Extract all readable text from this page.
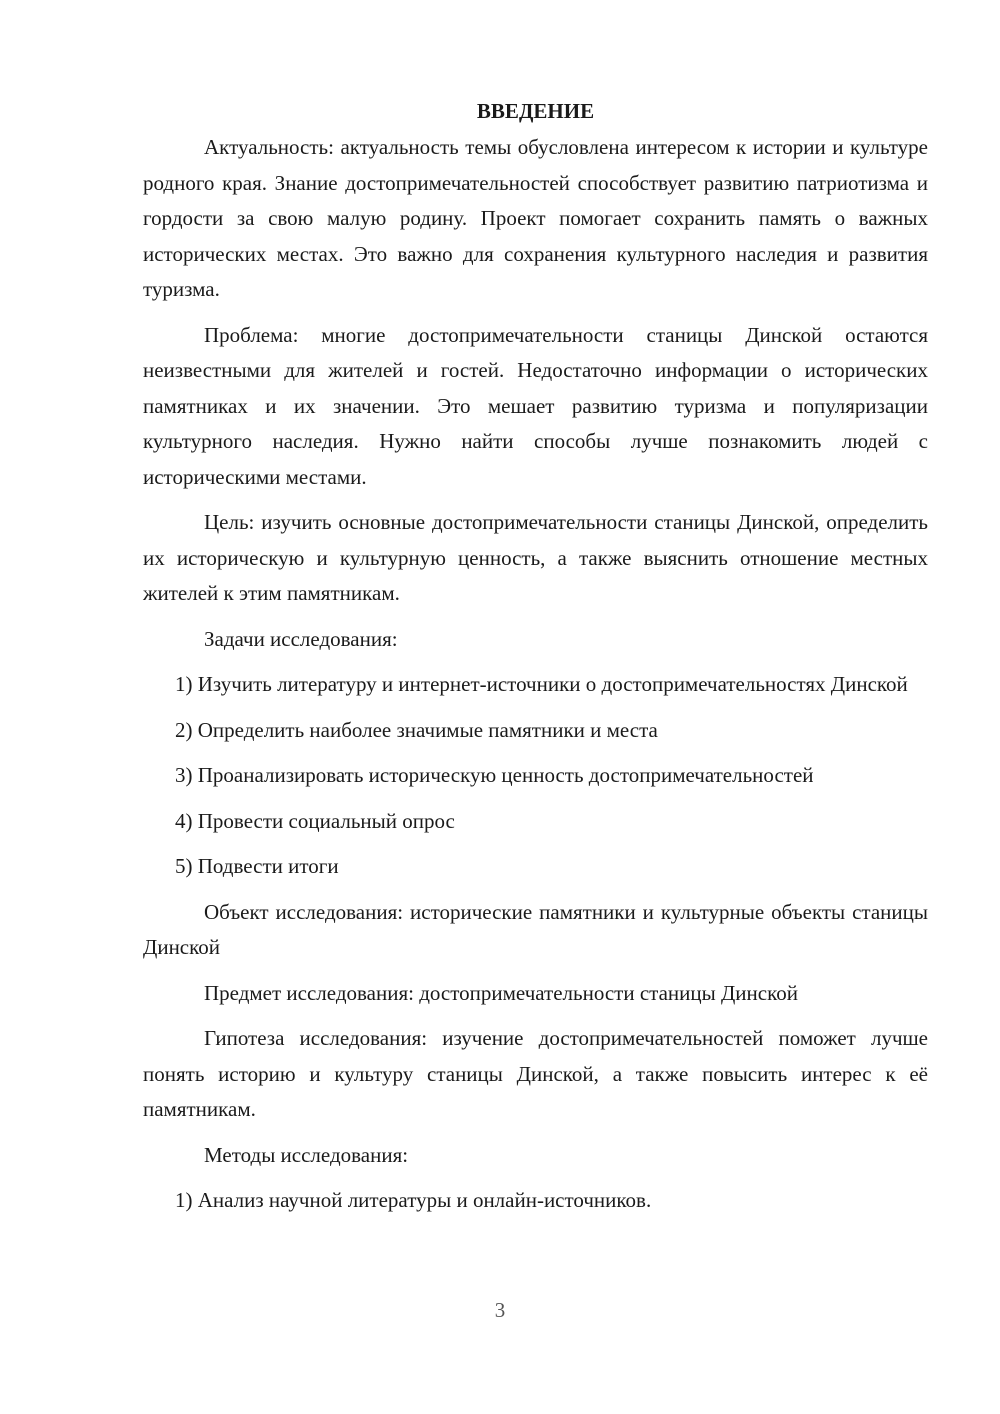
ВВЕДЕНИЕ

Актуальность: актуальность темы обусловлена интересом к истории и культуре родного края. Знание достопримечательностей способствует развитию патриотизма и гордости за свою малую родину. Проект помогает сохранить память о важных исторических местах. Это важно для сохранения культурного наследия и развития туризма.

Проблема: многие достопримечательности станицы Динской остаются неизвестными для жителей и гостей. Недостаточно информации о исторических памятниках и их значении. Это мешает развитию туризма и популяризации культурного наследия. Нужно найти способы лучше познакомить людей с историческими местами.

Цель: изучить основные достопримечательности станицы Динской, определить их историческую и культурную ценность, а также выяснить отношение местных жителей к этим памятникам.

Задачи исследования:

1) Изучить литературу и интернет-источники о достопримечательностях Динской

2) Определить наиболее значимые памятники и места

3) Проанализировать историческую ценность достопримечательностей

4) Провести социальный опрос

5) Подвести итоги

Объект исследования: исторические памятники и культурные объекты станицы Динской

Предмет исследования: достопримечательности станицы Динской

Гипотеза исследования: изучение достопримечательностей поможет лучше понять историю и культуру станицы Динской, а также повысить интерес к её памятникам.

Методы исследования:

1) Анализ научной литературы и онлайн-источников.

3
